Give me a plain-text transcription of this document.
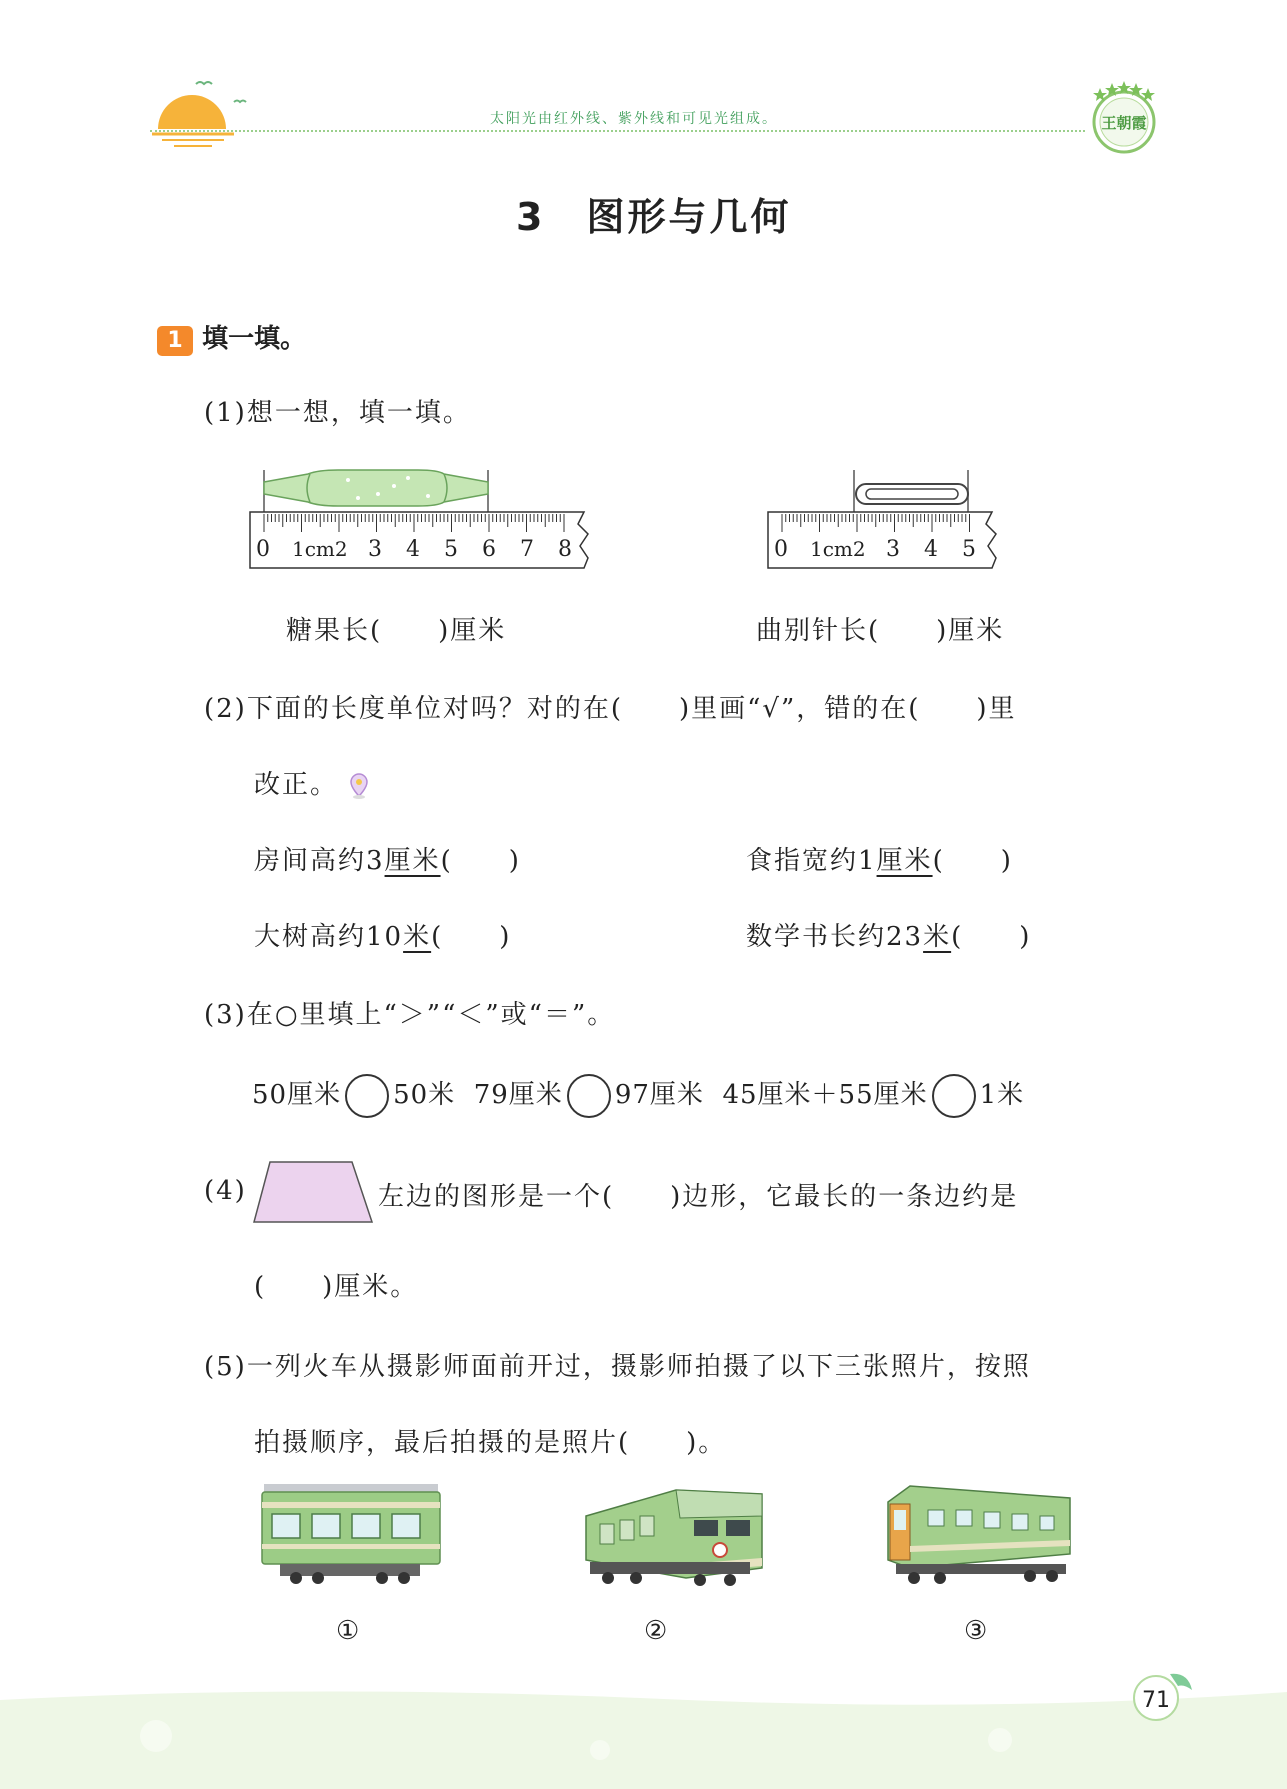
太阳光由红外线、紫外线和可见光组成。	王朝霞
3　图形与几何
1 填一填。
(1)想一想，填一填。
0 1cm2 3 4 5 6 7 8	0 1cm2 3 4 5
糖果长(　　)厘米	曲别针长(　　)厘米
(2)下面的长度单位对吗？对的在(　　)里画“√”，错的在(　　)里
改正。
房间高约3厘米(　　)	食指宽约1厘米(　　)
大树高约10米(　　)	数学书长约23米(　　)
(3)在○里填上“＞”“＜”或“＝”。
50厘米 50米 79厘米 97厘米 45厘米＋55厘米 1米
(4)	左边的图形是一个(　　)边形，它最长的一条边约是
(　　)厘米。
(5)一列火车从摄影师面前开过，摄影师拍摄了以下三张照片，按照
拍摄顺序，最后拍摄的是照片(　　)。
①	②	③
71
